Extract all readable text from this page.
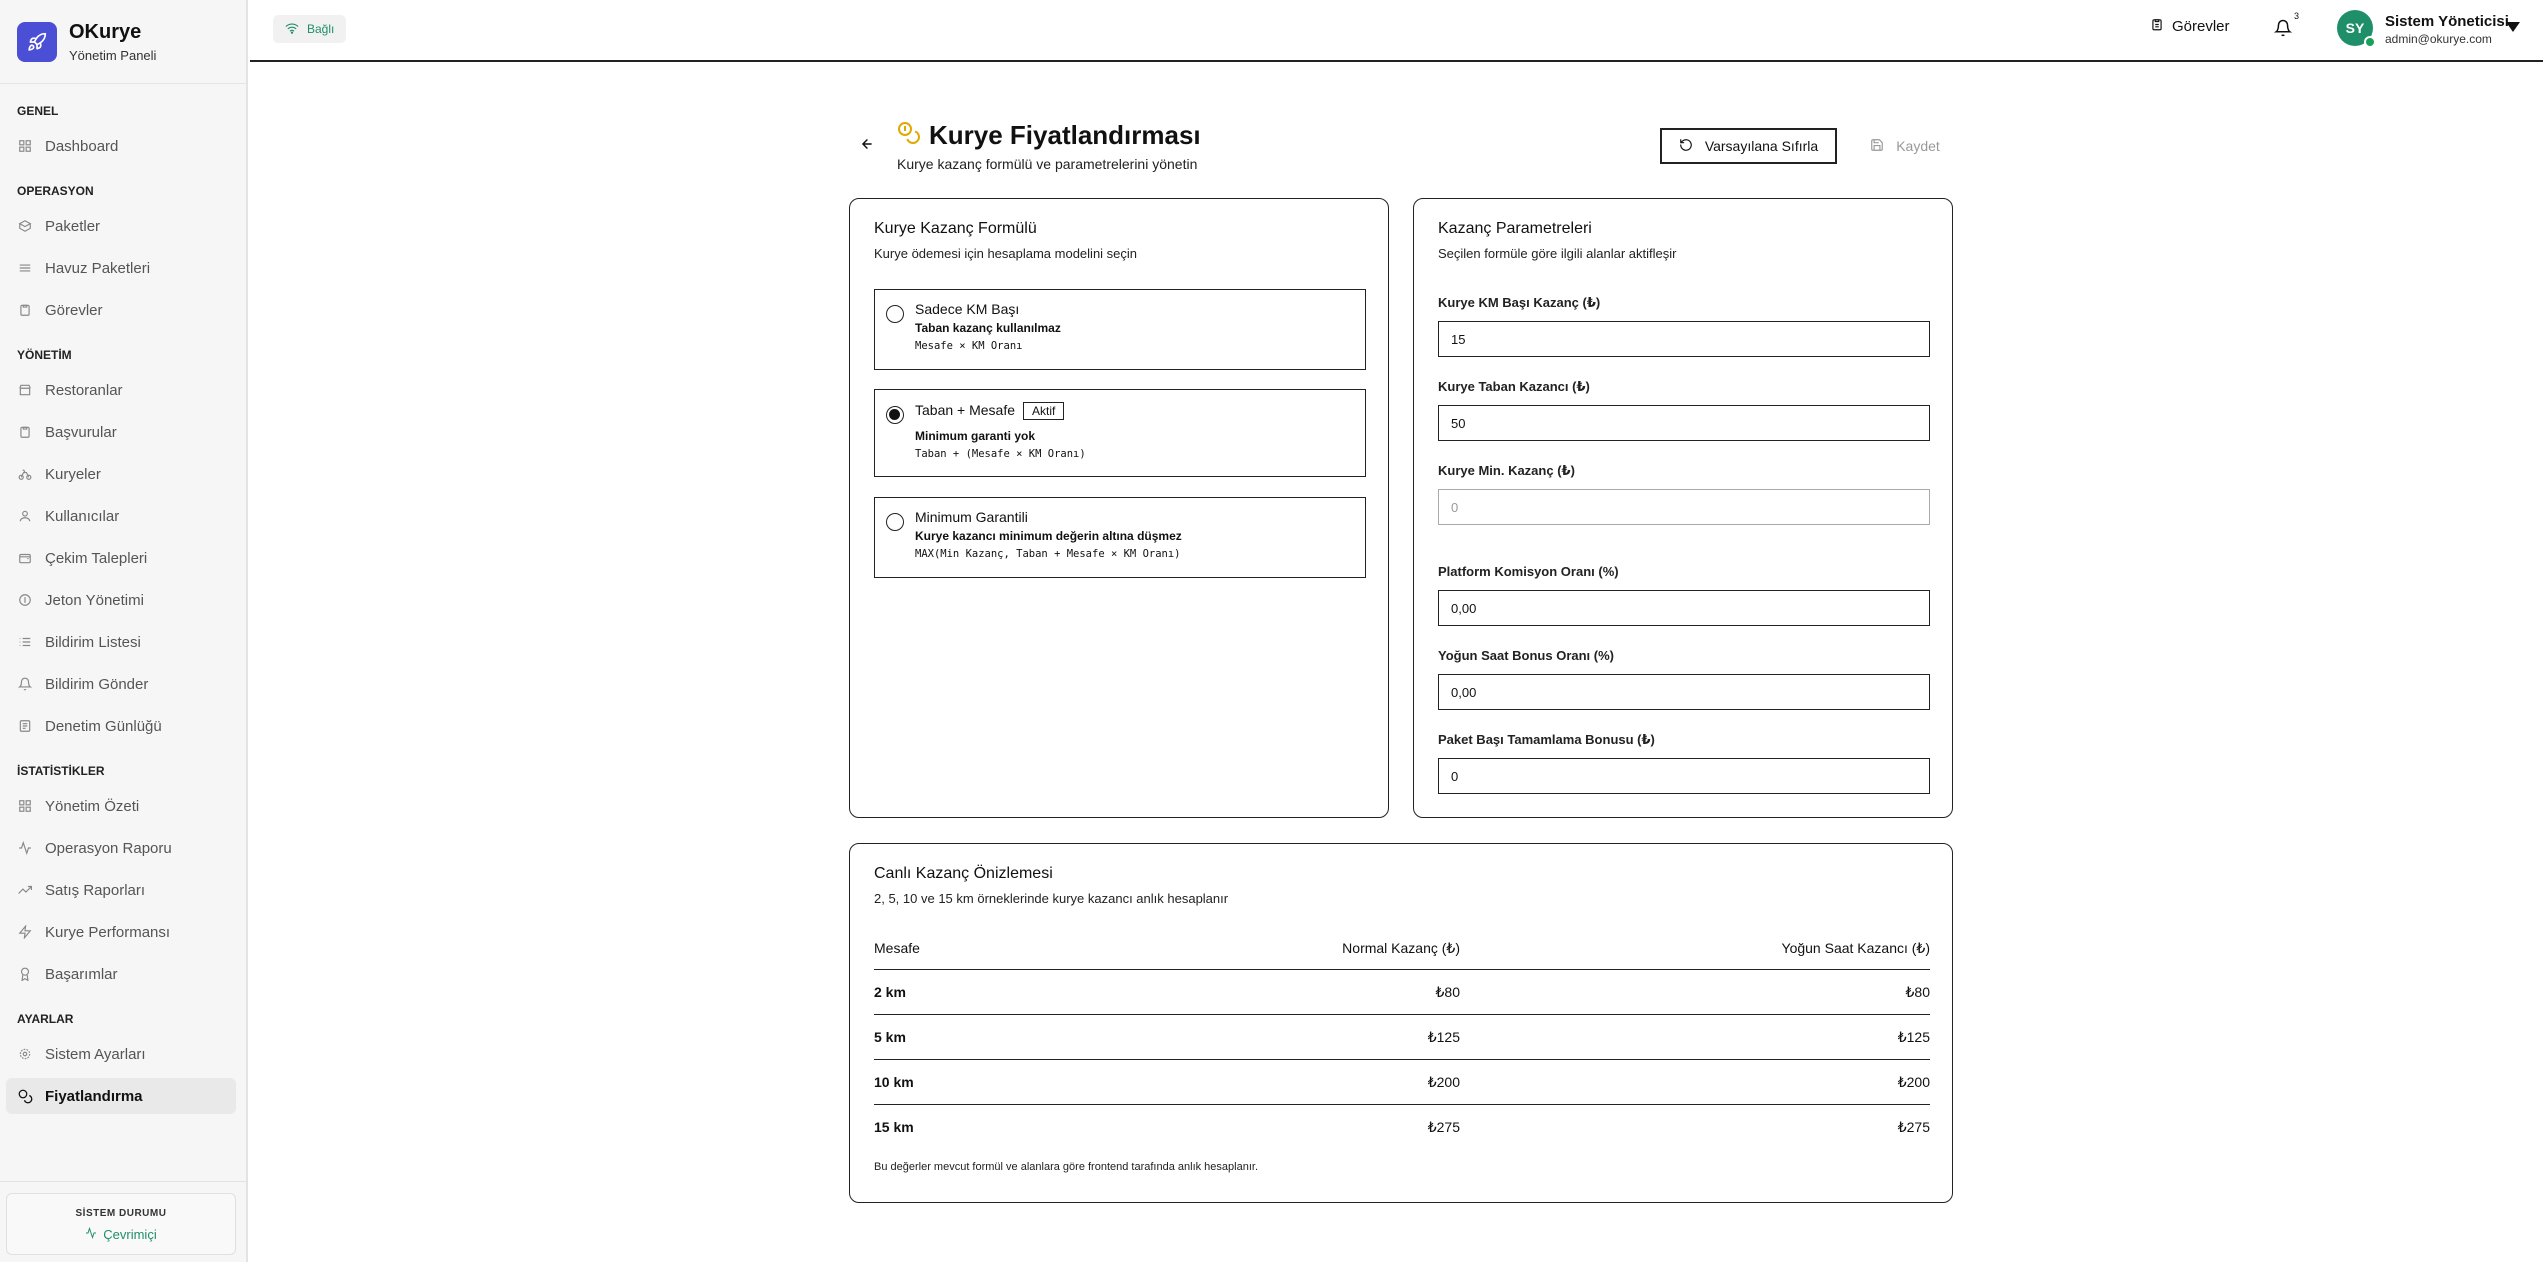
OKurye
Yönetim Paneli
GENEL
Dashboard
OPERASYON
Paketler
Havuz Paketleri
Görevler
YÖNETİM
Restoranlar
Başvurular
Kuryeler
Kullanıcılar
Çekim Talepleri
Jeton Yönetimi
Bildirim Listesi
Bildirim Gönder
Denetim Günlüğü
İSTATİSTİKLER
Yönetim Özeti
Operasyon Raporu
Satış Raporları
Kurye Performansı
Başarımlar
AYARLAR
Sistem Ayarları
Fiyatlandırma
SİSTEM DURUMU
Çevrimiçi
Bağlı	Görevler
3
SY	Sistem Yöneticisi
admin@okurye.com
Kurye Fiyatlandırması
Kurye kazanç formülü ve parametrelerini yönetin
Varsayılana Sıfırla	Kaydet
Kurye Kazanç Formülü
Kurye ödemesi için hesaplama modelini seçin
Sadece KM Başı
Taban kazanç kullanılmaz
Mesafe × KM Oranı
Taban + Mesafe Aktif
Minimum garanti yok
Taban + (Mesafe × KM Oranı)
Minimum Garantili
Kurye kazancı minimum değerin altına düşmez
MAX(Min Kazanç, Taban + Mesafe × KM Oranı)
Kazanç Parametreleri
Seçilen formüle göre ilgili alanlar aktifleşir
Kurye KM Başı Kazanç (₺)
15
Kurye Taban Kazancı (₺)
50
Kurye Min. Kazanç (₺)
0
Platform Komisyon Oranı (%)
0,00
Yoğun Saat Bonus Oranı (%)
0,00
Paket Başı Tamamlama Bonusu (₺)
0
Canlı Kazanç Önizlemesi
2, 5, 10 ve 15 km örneklerinde kurye kazancı anlık hesaplanır
Mesafe	Normal Kazanç (₺)	Yoğun Saat Kazancı (₺)
2 km	₺80	₺80
5 km	₺125	₺125
10 km	₺200	₺200
15 km	₺275	₺275
Bu değerler mevcut formül ve alanlara göre frontend tarafında anlık hesaplanır.
